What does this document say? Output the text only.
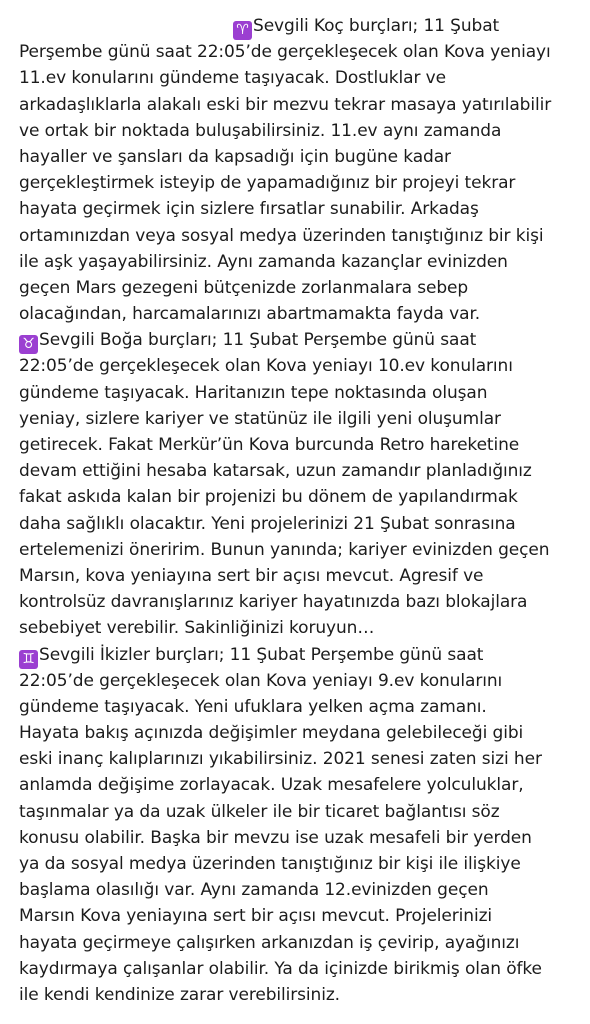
♈ Sevgili Koç burçları; 11 Şubat
Perşembe günü saat 22:05’de gerçekleşecek olan Kova yeniayı
11.ev konularını gündeme taşıyacak. Dostluklar ve
arkadaşlıklarla alakalı eski bir mezvu tekrar masaya yatırılabilir
ve ortak bir noktada buluşabilirsiniz. 11.ev aynı zamanda
hayaller ve şansları da kapsadığı için bugüne kadar
gerçekleştirmek isteyip de yapamadığınız bir projeyi tekrar
hayata geçirmek için sizlere fırsatlar sunabilir. Arkadaş
ortamınızdan veya sosyal medya üzerinden tanıştığınız bir kişi
ile aşk yaşayabilirsiniz. Aynı zamanda kazançlar evinizden
geçen Mars gezegeni bütçenizde zorlanmalara sebep
olacağından, harcamalarınızı abartmamakta fayda var.
♉ Sevgili Boğa burçları; 11 Şubat Perşembe günü saat
22:05’de gerçekleşecek olan Kova yeniayı 10.ev konularını
gündeme taşıyacak. Haritanızın tepe noktasında oluşan
yeniay, sizlere kariyer ve statünüz ile ilgili yeni oluşumlar
getirecek. Fakat Merkür’ün Kova burcunda Retro hareketine
devam ettiğini hesaba katarsak, uzun zamandır planladığınız
fakat askıda kalan bir projenizi bu dönem de yapılandırmak
daha sağlıklı olacaktır. Yeni projelerinizi 21 Şubat sonrasına
ertelemenizi öneririm. Bunun yanında; kariyer evinizden geçen
Marsın, kova yeniayına sert bir açısı mevcut. Agresif ve
kontrolsüz davranışlarınız kariyer hayatınızda bazı blokajlara
sebebiyet verebilir. Sakinliğinizi koruyun…
♊ Sevgili İkizler burçları; 11 Şubat Perşembe günü saat
22:05’de gerçekleşecek olan Kova yeniayı 9.ev konularını
gündeme taşıyacak. Yeni ufuklara yelken açma zamanı.
Hayata bakış açınızda değişimler meydana gelebileceği gibi
eski inanç kalıplarınızı yıkabilirsiniz. 2021 senesi zaten sizi her
anlamda değişime zorlayacak. Uzak mesafelere yolculuklar,
taşınmalar ya da uzak ülkeler ile bir ticaret bağlantısı söz
konusu olabilir. Başka bir mevzu ise uzak mesafeli bir yerden
ya da sosyal medya üzerinden tanıştığınız bir kişi ile ilişkiye
başlama olasılığı var. Aynı zamanda 12.evinizden geçen
Marsın Kova yeniayına sert bir açısı mevcut. Projelerinizi
hayata geçirmeye çalışırken arkanızdan iş çevirip, ayağınızı
kaydırmaya çalışanlar olabilir. Ya da içinizde birikmiş olan öfke
ile kendi kendinize zarar verebilirsiniz.
